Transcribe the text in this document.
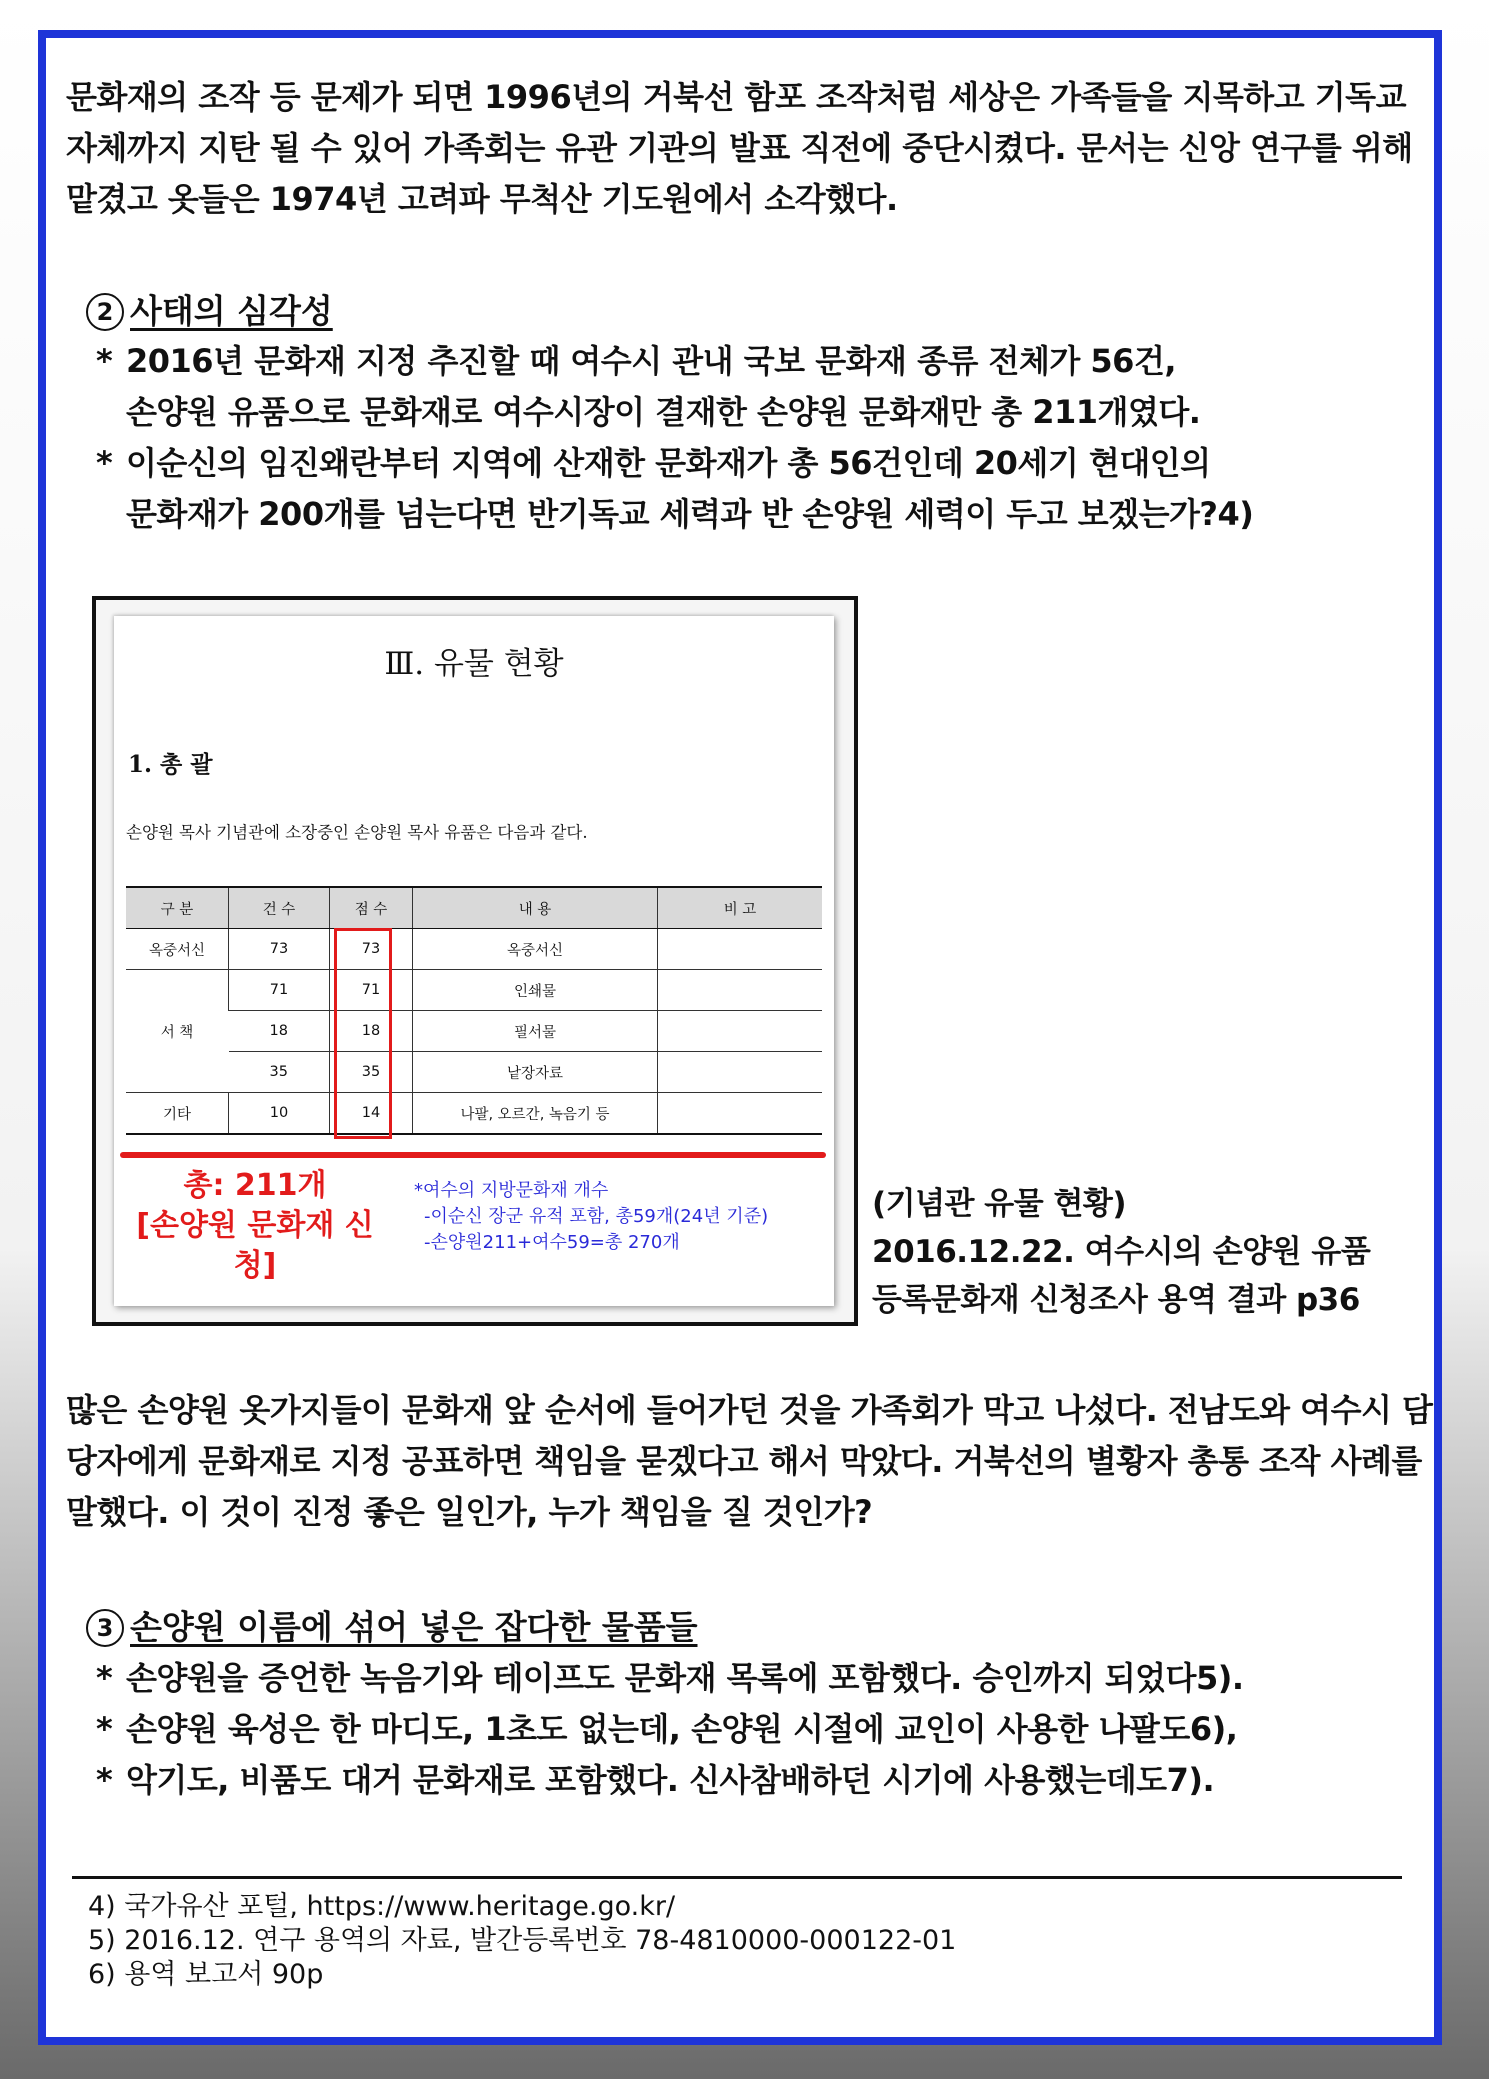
문화재의 조작 등 문제가 되면 1996년의 거북선 함포 조작처럼 세상은 가족들을 지목하고 기독교 자체까지 지탄 될 수 있어 가족회는 유관 기관의 발표 직전에 중단시켰다. 문서는 신앙 연구를 위해 맡겼고 옷들은 1974년 고려파 무척산 기도원에서 소각했다.

2 사태의 심각성
* 2016년 문화재 지정 추진할 때 여수시 관내 국보 문화재 종류 전체가 56건,
손양원 유품으로 문화재로 여수시장이 결재한 손양원 문화재만 총 211개였다.
* 이순신의 임진왜란부터 지역에 산재한 문화재가 총 56건인데 20세기 현대인의
문화재가 200개를 넘는다면 반기독교 세력과 반 손양원 세력이 두고 보겠는가?4)
Ⅲ. 유물 현황
1. 총 괄
손양원 목사 기념관에 소장중인 손양원 목사 유품은 다음과 같다.
구 분	건 수	점 수	내 용	비 고
옥중서신	73	73	옥중서신	
서 책	71	71	인쇄물	
	18	18	필서물	
	35	35	낱장자료	
기타	10	14	나팔, 오르간, 녹음기 등	
총: 211개
[손양원 문화재 신청]
*여수의 지방문화재 개수
-이순신 장군 유적 포함, 총59개(24년 기준)
-손양원211+여수59=총 270개
(기념관 유물 현황)
2016.12.22. 여수시의 손양원 유품
등록문화재 신청조사 용역 결과 p36

많은 손양원 옷가지들이 문화재 앞 순서에 들어가던 것을 가족회가 막고 나섰다. 전남도와 여수시 담당자에게 문화재로 지정 공표하면 책임을 묻겠다고 해서 막았다. 거북선의 별황자 총통 조작 사례를 말했다. 이 것이 진정 좋은 일인가, 누가 책임을 질 것인가?

3 손양원 이름에 섞어 넣은 잡다한 물품들
* 손양원을 증언한 녹음기와 테이프도 문화재 목록에 포함했다. 승인까지 되었다5).
* 손양원 육성은 한 마디도, 1초도 없는데, 손양원 시절에 교인이 사용한 나팔도6),
* 악기도, 비품도 대거 문화재로 포함했다. 신사참배하던 시기에 사용했는데도7).
4) 국가유산 포털, https://www.heritage.go.kr/
5) 2016.12. 연구 용역의 자료, 발간등록번호 78-4810000-000122-01
6) 용역 보고서 90p
